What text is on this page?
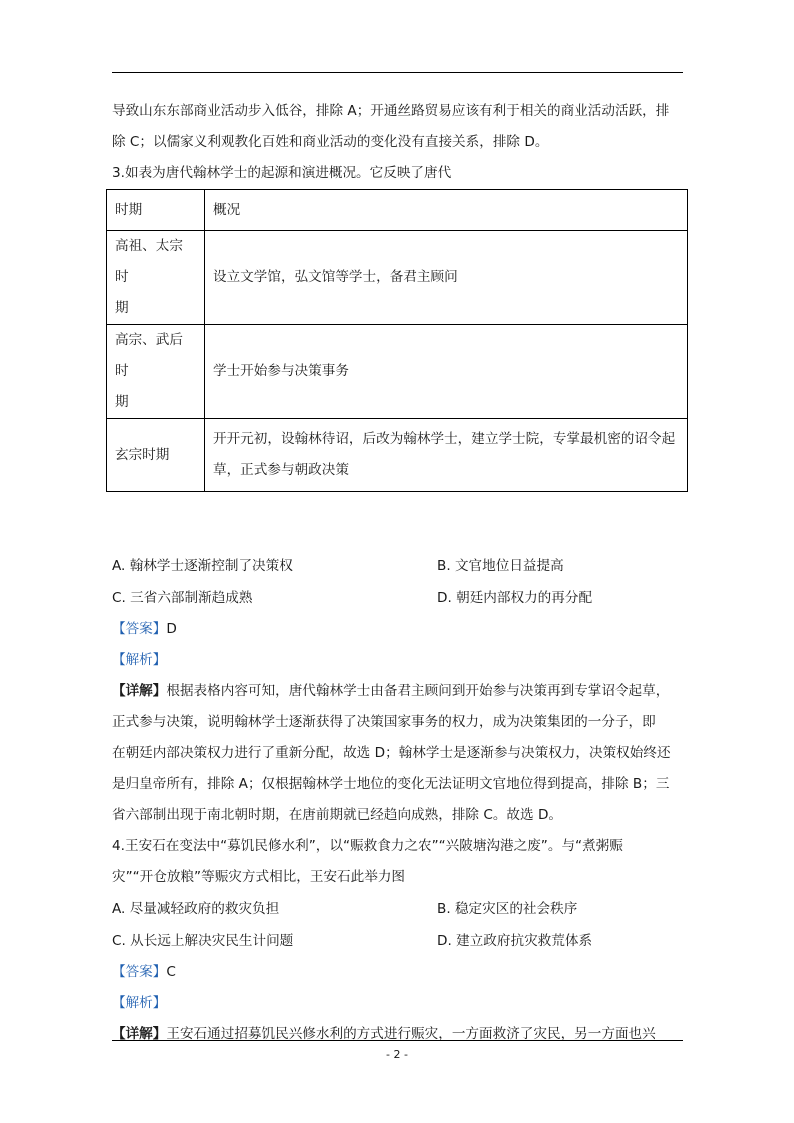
导致山东东部商业活动步入低谷，排除 A；开通丝路贸易应该有利于相关的商业活动活跃，排

除 C；以儒家义利观教化百姓和商业活动的变化没有直接关系，排除 D。

3.如表为唐代翰林学士的起源和演进概况。它反映了唐代

时期	概况

高祖、太宗时
期	设立文学馆，弘文馆等学士，备君主顾问

高宗、武后时
期	学士开始参与决策事务

玄宗时期	开开元初，设翰林待诏，后改为翰林学士，建立学士院，专掌最机密的诏令起
草，正式参与朝政决策
A. 翰林学士逐渐控制了决策权	B. 文官地位日益提高
C. 三省六部制渐趋成熟	D. 朝廷内部权力的再分配

【答案】D

【解析】

【详解】根据表格内容可知，唐代翰林学士由备君主顾问到开始参与决策再到专掌诏令起草，

正式参与决策，说明翰林学士逐渐获得了决策国家事务的权力，成为决策集团的一分子，即

在朝廷内部决策权力进行了重新分配，故选 D；翰林学士是逐渐参与决策权力，决策权始终还

是归皇帝所有，排除 A；仅根据翰林学士地位的变化无法证明文官地位得到提高，排除 B；三

省六部制出现于南北朝时期，在唐前期就已经趋向成熟，排除 C。故选 D。

4.王安石在变法中“募饥民修水利”，以“赈救食力之农”“兴陂塘沟港之废”。与“煮粥赈

灾”“开仓放粮”等赈灾方式相比，王安石此举力图

A. 尽量减轻政府的救灾负担	B. 稳定灾区的社会秩序
C. 从长远上解决灾民生计问题	D. 建立政府抗灾救荒体系

【答案】C

【解析】

【详解】王安石通过招募饥民兴修水利的方式进行赈灾，一方面救济了灾民，另一方面也兴

- 2 -
